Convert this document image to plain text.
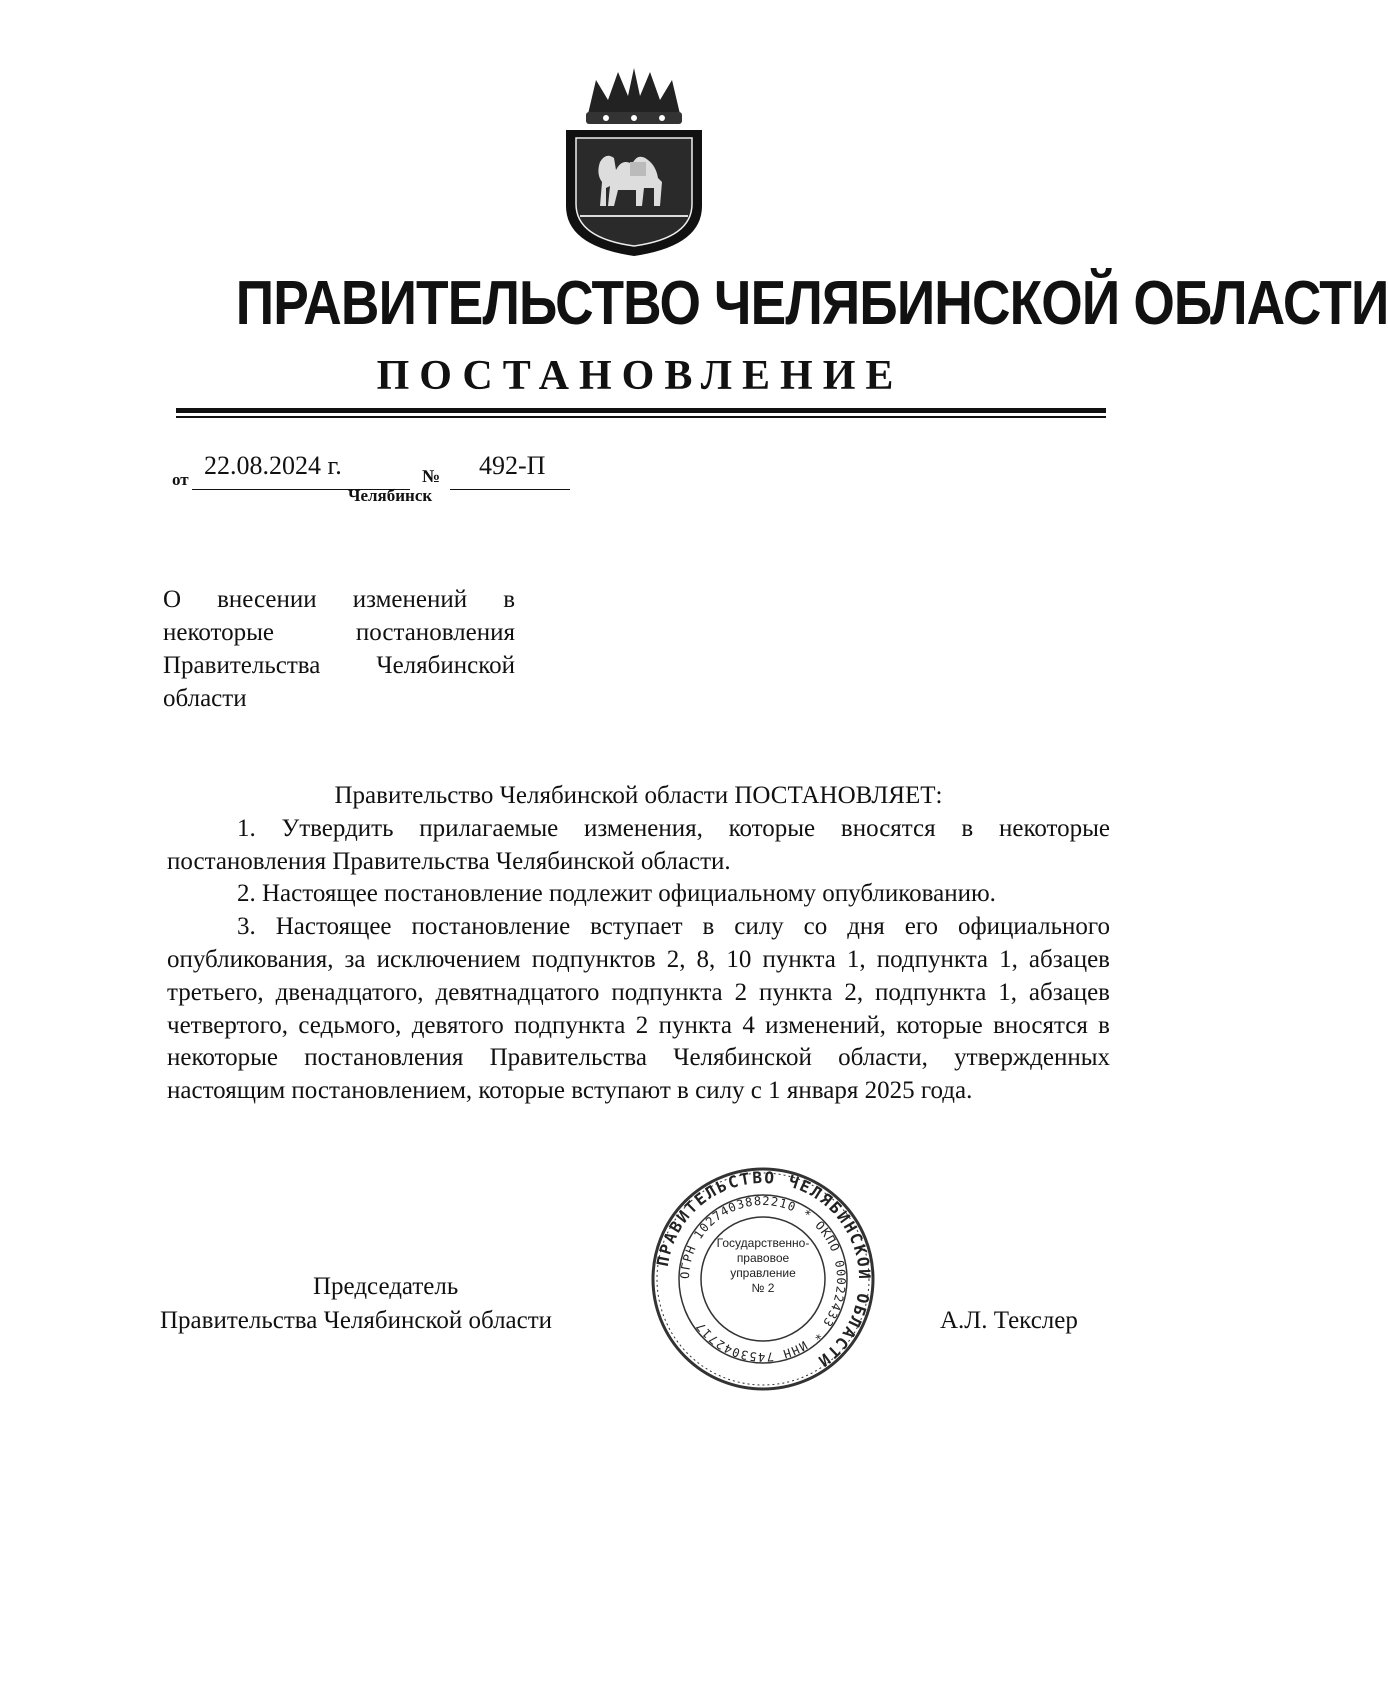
ПРАВИТЕЛЬСТВО ЧЕЛЯБИНСКОЙ ОБЛАСТИ
ПОСТАНОВЛЕНИЕ
от 22.08.2024 г.	№ 492-П
Челябинск
О внесении изменений в
некоторые постановления
Правительства Челябинской
области

Правительство Челябинской области ПОСТАНОВЛЯЕТ:

1. Утвердить прилагаемые изменения, которые вносятся в некоторые постановления Правительства Челябинской области.

2. Настоящее постановление подлежит официальному опубликованию.

3. Настоящее постановление вступает в силу со дня его официального опубликования, за исключением подпунктов 2, 8, 10 пункта 1, подпункта 1, абзацев третьего, двенадцатого, девятнадцатого подпункта 2 пункта 2, подпункта 1, абзацев четвертого, седьмого, девятого подпункта 2 пункта 4 изменений, которые вносятся в некоторые постановления Правительства Челябинской области, утвержденных настоящим постановлением, которые вступают в силу с 1 января 2025 года.

Председатель
Правительства Челябинской области
ПРАВИТЕЛЬСТВО ЧЕЛЯБИНСКОЙ ОБЛАСТИ
ОГРН 1027403882210 * ОКПО 00022433 * ИНН 7453042717
Государственно-
правовое
управление
№ 2
А.Л. Текслер
